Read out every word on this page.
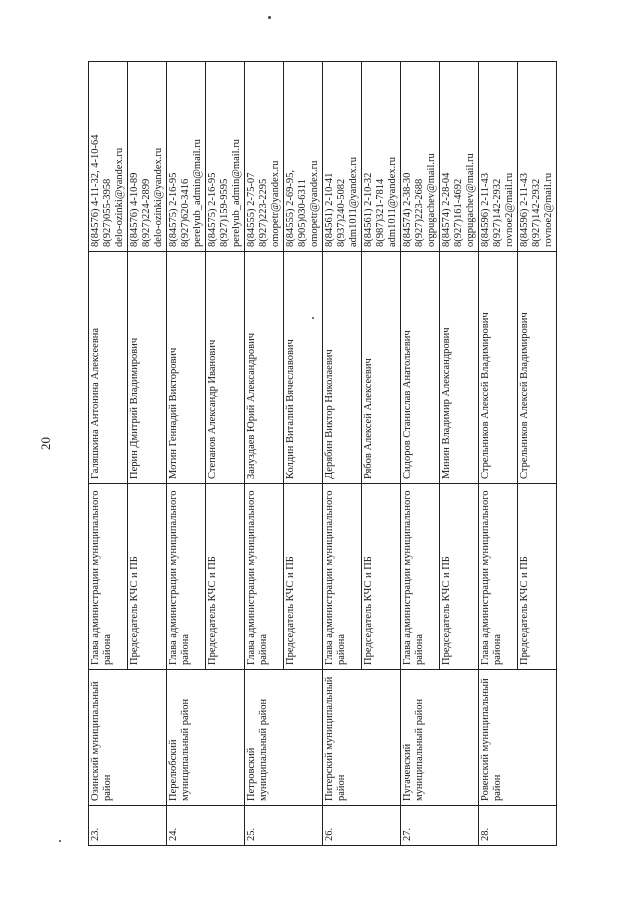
20
23.	Озинский муниципальный район	Глава администрации муниципального района	Галяшкина Антонина Алексеевна	8(84576) 4-11-32, 4-10-64 8(927)055-3958 delo-ozinki@yandex.ru

		Председатель КЧС и ПБ	Перин Дмитрий Владимирович	8(84576) 4-10-89 8(927)224-2899 delo-ozinki@yandex.ru

24.	Перелюбский муниципальный район	Глава администрации муниципального района	Мотин Геннадий Викторович	8(84575) 2-16-95 8(927)620-3416 perelyub_admin@mail.ru

		Председатель КЧС и ПБ	Степанов Александр Иванович	8(84575) 2-16-95 8(927)159-9595 perelyub_admin@mail.ru

25.	Петровский муниципальный район	Глава администрации муниципального района	Зануздаев Юрий Александрович	8(84555) 2-75-07 8(927)223-2295 omopetr@yandex.ru

		Председатель КЧС и ПБ	Колдин Виталий Вячеславович	8(84555) 2-69-95, 8(905)030-6311 omopetr@yandex.ru

26.	Питерский муниципальный район	Глава администрации муниципального района	Дерябин Виктор Николаевич	8(84561) 2-10-41 8(937)240-5082 adm1011@yandex.ru

		Председатель КЧС и ПБ	Рябов Алексей Алексеевич	8(84561) 2-10-32 8(987)321-7814 adm1011@yandex.ru

27.	Пугачевский муниципальный район	Глава администрации муниципального района	Сидоров Станислав Анатольевич	8(84574) 2-38-30 8(927)223-2688 orgpugachev@mail.ru

		Председатель КЧС и ПБ	Минин Владимир Александрович	8(84574) 2-28-04 8(927)161-4692 orgpugachev@mail.ru

28.	Ровенский муниципальный район	Глава администрации муниципального района	Стрельников Алексей Владимирович	8(84596) 2-11-43 8(927)142-2932 rovnoe2@mail.ru

		Председатель КЧС и ПБ	Стрельников Алексей Владимирович	8(84596) 2-11-43 8(927)142-2932 rovnoe2@mail.ru
